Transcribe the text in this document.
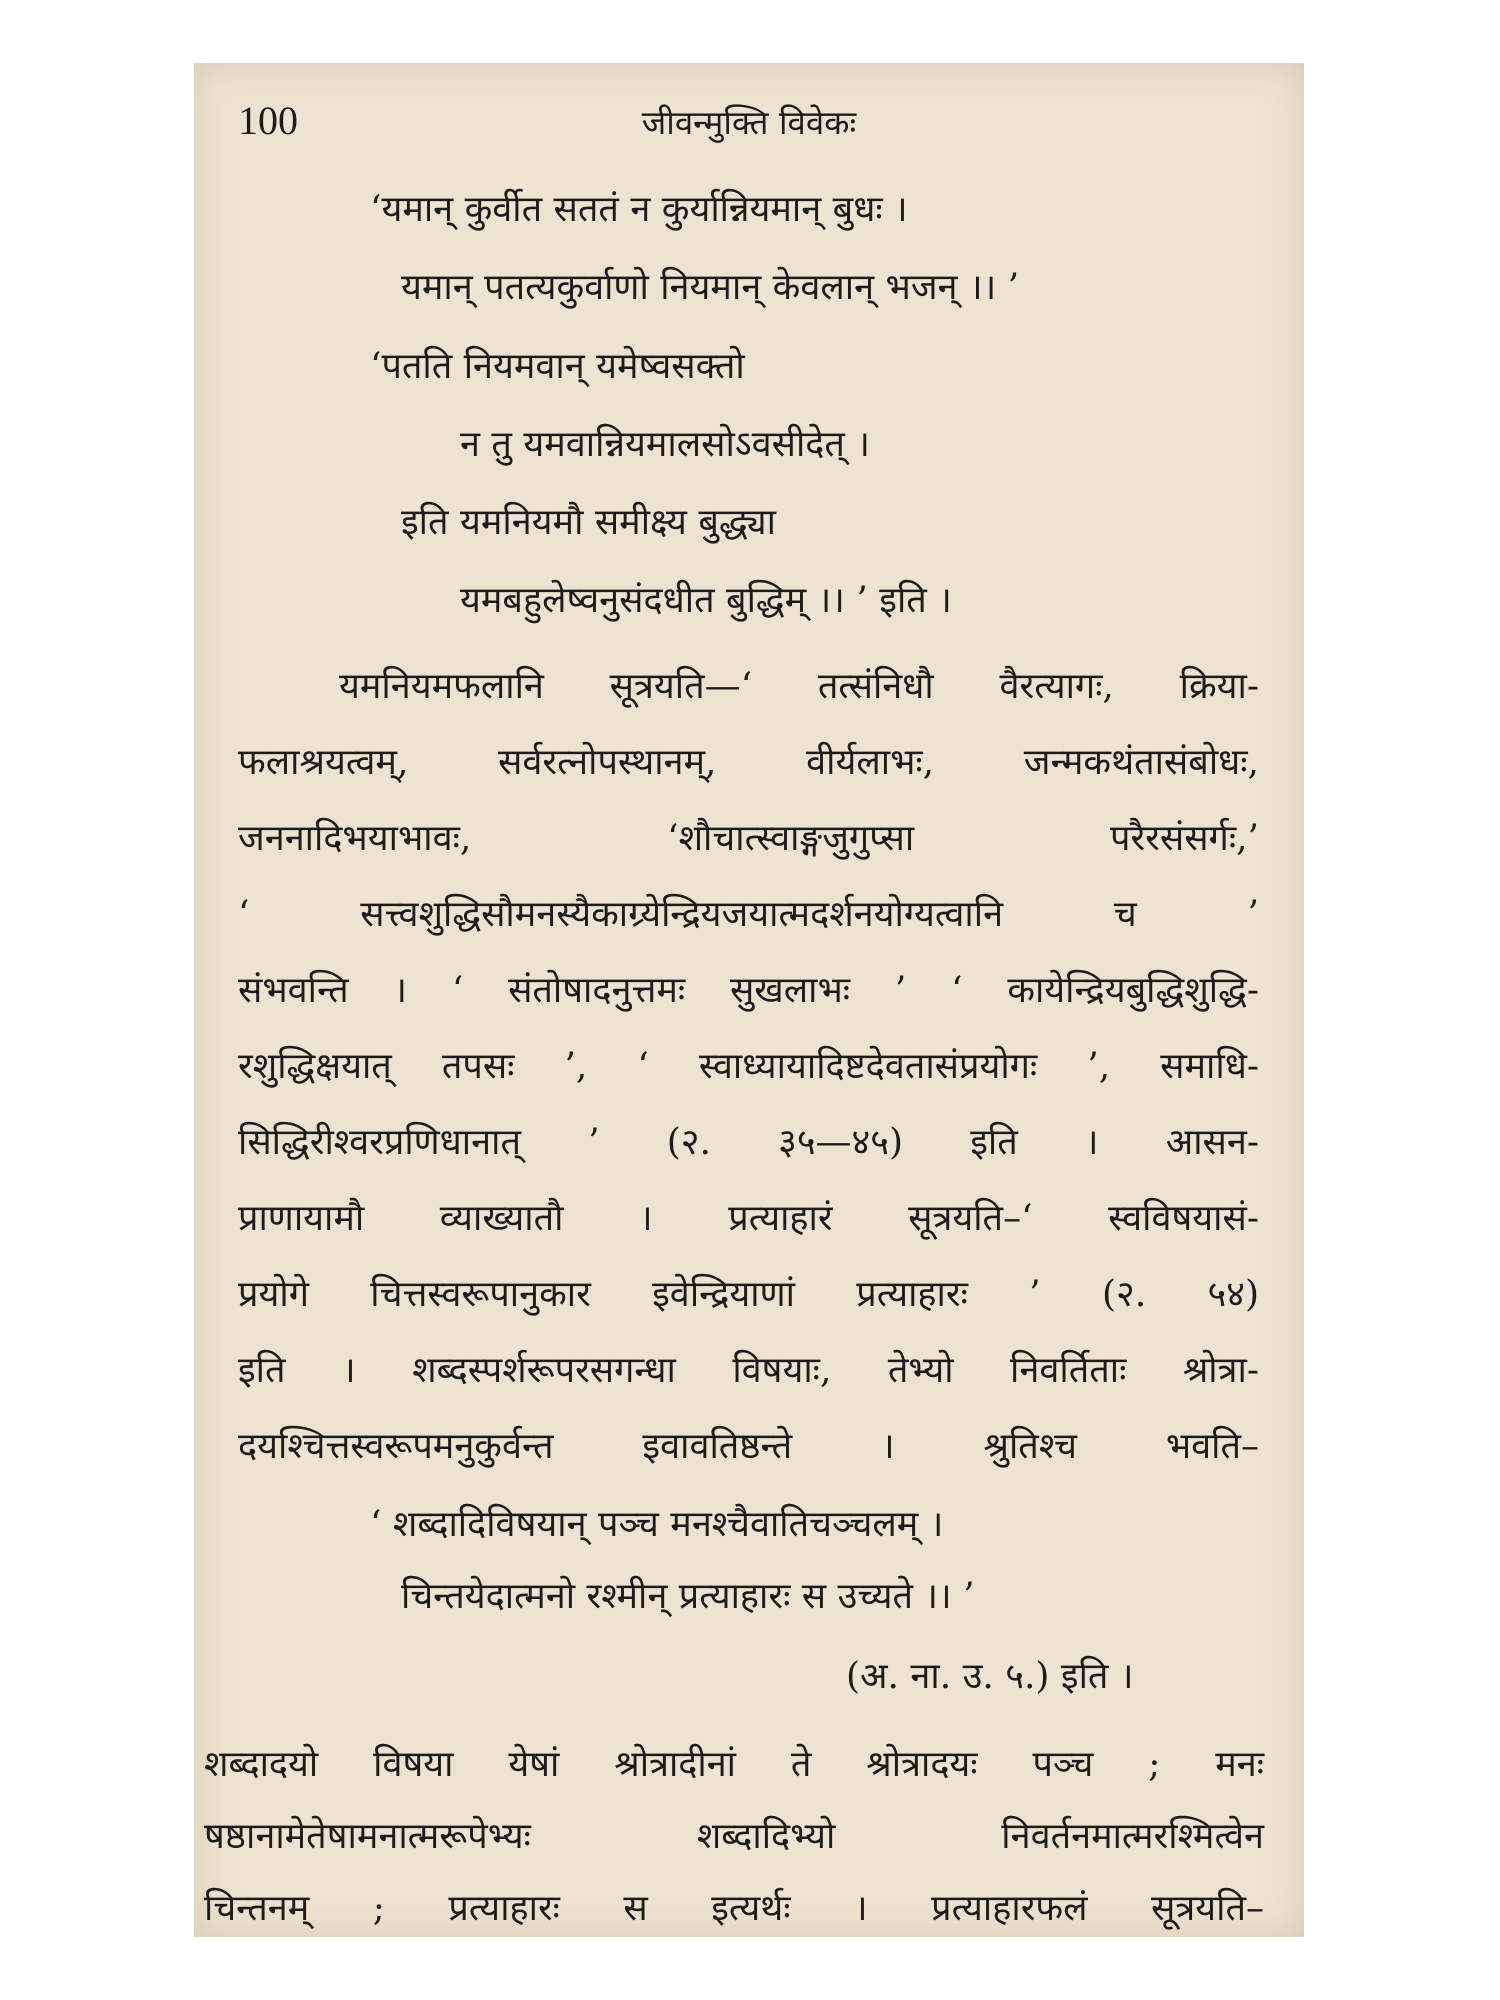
100	जीवन्मुक्ति विवेकः
‘यमान् कुर्वीत सततं न कुर्यान्नियमान् बुधः ।
यमान् पतत्यकुर्वाणो नियमान् केवलान् भजन् ।। ’
‘पतति नियमवान् यमेष्वसक्तो
न तु यमवान्नियमालसोऽवसीदेत् ।
इति यमनियमौ समीक्ष्य बुद्ध्या
यमबहुलेष्वनुसंदधीत बुद्धिम् ।। ’ इति ।
यमनियमफलानि सूत्रयति—‘ तत्संनिधौ वैरत्यागः, क्रिया-
फलाश्रयत्वम्, सर्वरत्नोपस्थानम्, वीर्यलाभः, जन्मकथंतासंबोधः,
जननादिभयाभावः, ‘शौचात्स्वाङ्गजुगुप्सा परैरसंसर्गः,’
‘ सत्त्वशुद्धिसौमनस्यैकाग्र्येन्द्रियजयात्मदर्शनयोग्यत्वानि च ’
संभवन्ति । ‘ संतोषादनुत्तमः सुखलाभः ’ ‘ कायेन्द्रियबुद्धिशुद्धि-
रशुद्धिक्षयात् तपसः ’, ‘ स्वाध्यायादिष्टदेवतासंप्रयोगः ’, समाधि-
सिद्धिरीश्वरप्रणिधानात् ’ (२. ३५—४५) इति । आसन-
प्राणायामौ व्याख्यातौ । प्रत्याहारं सूत्रयति–‘ स्वविषयासं-
प्रयोगे चित्तस्वरूपानुकार इवेन्द्रियाणां प्रत्याहारः ’ (२. ५४)
इति । शब्दस्पर्शरूपरसगन्धा विषयाः, तेभ्यो निवर्तिताः श्रोत्रा-
दयश्चित्तस्वरूपमनुकुर्वन्त इवावतिष्ठन्ते । श्रुतिश्च भवति–
‘ शब्दादिविषयान् पञ्च मनश्चैवातिचञ्चलम् ।
चिन्तयेदात्मनो रश्मीन् प्रत्याहारः स उच्यते ।। ’
(अ. ना. उ. ५.) इति ।
शब्दादयो विषया येषां श्रोत्रादीनां ते श्रोत्रादयः पञ्च ; मनः
षष्ठानामेतेषामनात्मरूपेभ्यः शब्दादिभ्यो निवर्तनमात्मरश्मित्वेन
चिन्तनम् ; प्रत्याहारः स इत्यर्थः । प्रत्याहारफलं सूत्रयति–
